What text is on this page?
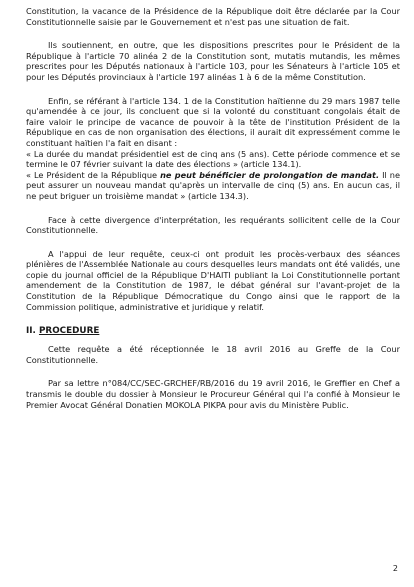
Constitution, la vacance de la Présidence de la République doit être déclarée par la Cour Constitutionnelle saisie par le Gouvernement et n'est pas une situation de fait.

Ils soutiennent, en outre, que les dispositions prescrites pour le Président de la République à l'article 70 alinéa 2 de la Constitution sont, mutatis mutandis, les mêmes prescrites pour les Députés nationaux à l'article 103, pour les Sénateurs à l'article 105 et pour les Députés provinciaux à l'article 197 alinéas 1 à 6 de la même Constitution.

Enfin, se référant à l'article 134. 1 de la Constitution haïtienne du 29 mars 1987 telle qu'amendée à ce jour, ils concluent que si la volonté du constituant congolais était de faire valoir le principe de vacance de pouvoir à la tête de l'institution Président de la République en cas de non organisation des élections, il aurait dit expressément comme le constituant haïtien l'a fait en disant :

« La durée du mandat présidentiel est de cinq ans (5 ans). Cette période commence et se termine le 07 février suivant la date des élections » (article 134.1).

« Le Président de la République ne peut bénéficier de prolongation de mandat. Il ne peut assurer un nouveau mandat qu'après un intervalle de cinq (5) ans. En aucun cas, il ne peut briguer un troisième mandat » (article 134.3).

Face à cette divergence d'interprétation, les requérants sollicitent celle de la Cour Constitutionnelle.

A l'appui de leur requête, ceux-ci ont produit les procès-verbaux des séances plénières de l'Assemblée Nationale au cours desquelles leurs mandats ont été validés, une copie du journal officiel de la République D'HAITI publiant la Loi Constitutionnelle portant amendement de la Constitution de 1987, le débat général sur l'avant-projet de la Constitution de la République Démocratique du Congo ainsi que le rapport de la Commission politique, administrative et juridique y relatif.

II. PROCEDURE

Cette requête a été réceptionnée le 18 avril 2016 au Greffe de la Cour Constitutionnelle.

Par sa lettre n°084/CC/SEC-GRCHEF/RB/2016 du 19 avril 2016, le Greffier en Chef a transmis le double du dossier à Monsieur le Procureur Général qui l'a confié à Monsieur le Premier Avocat Général Donatien MOKOLA PIKPA pour avis du Ministère Public.

2
